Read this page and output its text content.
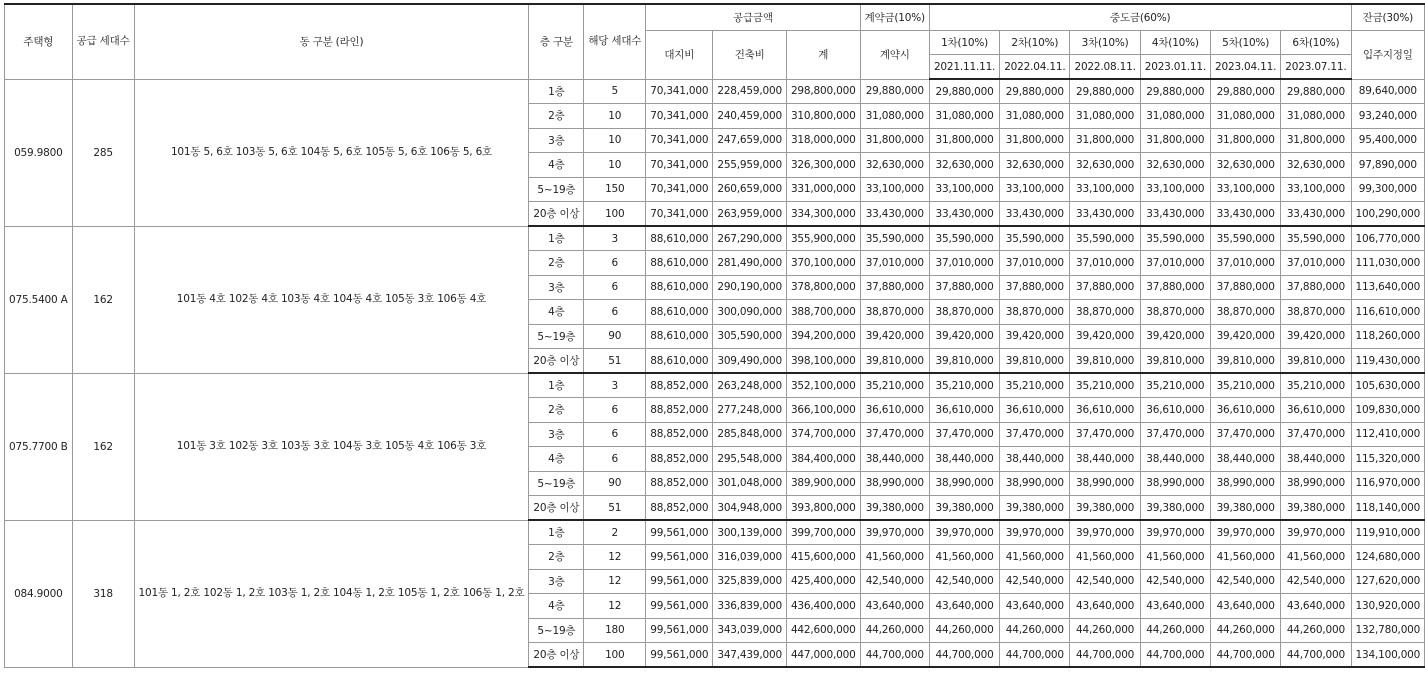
주택형	공급 세대수	동 구분 (라인)	층 구분	해당 세대수	공급금액			계약금(10%)	중도금(60%)						잔금(30%)
					대지비	건축비	계	계약시	1차(10%)	2차(10%)	3차(10%)	4차(10%)	5차(10%)	6차(10%)	입주지정일
									2021.11.11.	2022.04.11.	2022.08.11.	2023.01.11.	2023.04.11.	2023.07.11.	
059.9800	285	101동 5, 6호 103동 5, 6호 104동 5, 6호 105동 5, 6호 106동 5, 6호	1층	5	70,341,000	228,459,000	298,800,000	29,880,000	29,880,000	29,880,000	29,880,000	29,880,000	29,880,000	29,880,000	89,640,000
			2층	10	70,341,000	240,459,000	310,800,000	31,080,000	31,080,000	31,080,000	31,080,000	31,080,000	31,080,000	31,080,000	93,240,000
			3층	10	70,341,000	247,659,000	318,000,000	31,800,000	31,800,000	31,800,000	31,800,000	31,800,000	31,800,000	31,800,000	95,400,000
			4층	10	70,341,000	255,959,000	326,300,000	32,630,000	32,630,000	32,630,000	32,630,000	32,630,000	32,630,000	32,630,000	97,890,000
			5~19층	150	70,341,000	260,659,000	331,000,000	33,100,000	33,100,000	33,100,000	33,100,000	33,100,000	33,100,000	33,100,000	99,300,000
			20층 이상	100	70,341,000	263,959,000	334,300,000	33,430,000	33,430,000	33,430,000	33,430,000	33,430,000	33,430,000	33,430,000	100,290,000
075.5400 A	162	101동 4호 102동 4호 103동 4호 104동 4호 105동 3호 106동 4호	1층	3	88,610,000	267,290,000	355,900,000	35,590,000	35,590,000	35,590,000	35,590,000	35,590,000	35,590,000	35,590,000	106,770,000
			2층	6	88,610,000	281,490,000	370,100,000	37,010,000	37,010,000	37,010,000	37,010,000	37,010,000	37,010,000	37,010,000	111,030,000
			3층	6	88,610,000	290,190,000	378,800,000	37,880,000	37,880,000	37,880,000	37,880,000	37,880,000	37,880,000	37,880,000	113,640,000
			4층	6	88,610,000	300,090,000	388,700,000	38,870,000	38,870,000	38,870,000	38,870,000	38,870,000	38,870,000	38,870,000	116,610,000
			5~19층	90	88,610,000	305,590,000	394,200,000	39,420,000	39,420,000	39,420,000	39,420,000	39,420,000	39,420,000	39,420,000	118,260,000
			20층 이상	51	88,610,000	309,490,000	398,100,000	39,810,000	39,810,000	39,810,000	39,810,000	39,810,000	39,810,000	39,810,000	119,430,000
075.7700 B	162	101동 3호 102동 3호 103동 3호 104동 3호 105동 4호 106동 3호	1층	3	88,852,000	263,248,000	352,100,000	35,210,000	35,210,000	35,210,000	35,210,000	35,210,000	35,210,000	35,210,000	105,630,000
			2층	6	88,852,000	277,248,000	366,100,000	36,610,000	36,610,000	36,610,000	36,610,000	36,610,000	36,610,000	36,610,000	109,830,000
			3층	6	88,852,000	285,848,000	374,700,000	37,470,000	37,470,000	37,470,000	37,470,000	37,470,000	37,470,000	37,470,000	112,410,000
			4층	6	88,852,000	295,548,000	384,400,000	38,440,000	38,440,000	38,440,000	38,440,000	38,440,000	38,440,000	38,440,000	115,320,000
			5~19층	90	88,852,000	301,048,000	389,900,000	38,990,000	38,990,000	38,990,000	38,990,000	38,990,000	38,990,000	38,990,000	116,970,000
			20층 이상	51	88,852,000	304,948,000	393,800,000	39,380,000	39,380,000	39,380,000	39,380,000	39,380,000	39,380,000	39,380,000	118,140,000
084.9000	318	101동 1, 2호 102동 1, 2호 103동 1, 2호 104동 1, 2호 105동 1, 2호 106동 1, 2호	1층	2	99,561,000	300,139,000	399,700,000	39,970,000	39,970,000	39,970,000	39,970,000	39,970,000	39,970,000	39,970,000	119,910,000
			2층	12	99,561,000	316,039,000	415,600,000	41,560,000	41,560,000	41,560,000	41,560,000	41,560,000	41,560,000	41,560,000	124,680,000
			3층	12	99,561,000	325,839,000	425,400,000	42,540,000	42,540,000	42,540,000	42,540,000	42,540,000	42,540,000	42,540,000	127,620,000
			4층	12	99,561,000	336,839,000	436,400,000	43,640,000	43,640,000	43,640,000	43,640,000	43,640,000	43,640,000	43,640,000	130,920,000
			5~19층	180	99,561,000	343,039,000	442,600,000	44,260,000	44,260,000	44,260,000	44,260,000	44,260,000	44,260,000	44,260,000	132,780,000
			20층 이상	100	99,561,000	347,439,000	447,000,000	44,700,000	44,700,000	44,700,000	44,700,000	44,700,000	44,700,000	44,700,000	134,100,000
